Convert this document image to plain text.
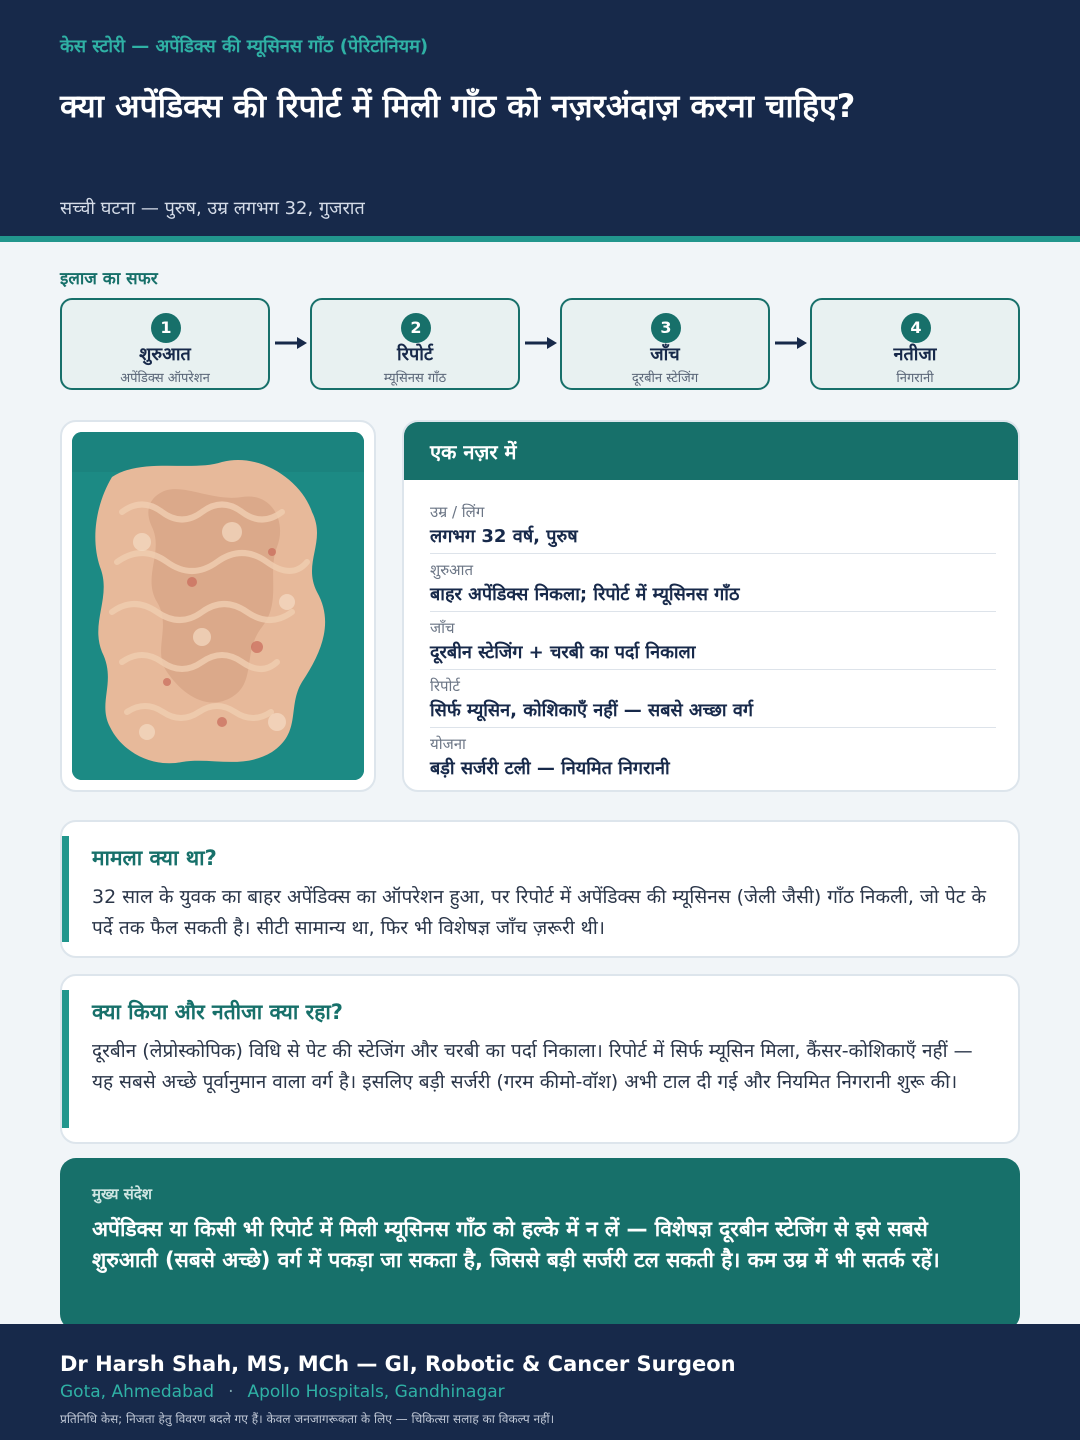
केस स्टोरी — अपेंडिक्स की म्यूसिनस गाँठ (पेरिटोनियम)
क्या अपेंडिक्स की रिपोर्ट में मिली गाँठ को नज़रअंदाज़ करना चाहिए?
सच्ची घटना — पुरुष, उम्र लगभग 32, गुजरात
इलाज का सफर
1
शुरुआत
अपेंडिक्स ऑपरेशन
2
रिपोर्ट
म्यूसिनस गाँठ
3
जाँच
दूरबीन स्टेजिंग
4
नतीजा
निगरानी
एक नज़र में
उम्र / लिंग
लगभग 32 वर्ष, पुरुष
शुरुआत
बाहर अपेंडिक्स निकला; रिपोर्ट में म्यूसिनस गाँठ
जाँच
दूरबीन स्टेजिंग + चरबी का पर्दा निकाला
रिपोर्ट
सिर्फ म्यूसिन, कोशिकाएँ नहीं — सबसे अच्छा वर्ग
योजना
बड़ी सर्जरी टली — नियमित निगरानी
मामला क्या था?
32 साल के युवक का बाहर अपेंडिक्स का ऑपरेशन हुआ, पर रिपोर्ट में अपेंडिक्स की म्यूसिनस (जेली जैसी) गाँठ निकली, जो पेट के पर्दे तक फैल सकती है। सीटी सामान्य था, फिर भी विशेषज्ञ जाँच ज़रूरी थी।
क्या किया और नतीजा क्या रहा?
दूरबीन (लेप्रोस्कोपिक) विधि से पेट की स्टेजिंग और चरबी का पर्दा निकाला। रिपोर्ट में सिर्फ म्यूसिन मिला, कैंसर-कोशिकाएँ नहीं — यह सबसे अच्छे पूर्वानुमान वाला वर्ग है। इसलिए बड़ी सर्जरी (गरम कीमो-वॉश) अभी टाल दी गई और नियमित निगरानी शुरू की।
मुख्य संदेश
अपेंडिक्स या किसी भी रिपोर्ट में मिली म्यूसिनस गाँठ को हल्के में न लें — विशेषज्ञ दूरबीन स्टेजिंग से इसे सबसे शुरुआती (सबसे अच्छे) वर्ग में पकड़ा जा सकता है, जिससे बड़ी सर्जरी टल सकती है। कम उम्र में भी सतर्क रहें।
Dr Harsh Shah, MS, MCh — GI, Robotic & Cancer Surgeon
Gota, Ahmedabad · Apollo Hospitals, Gandhinagar
प्रतिनिधि केस; निजता हेतु विवरण बदले गए हैं। केवल जनजागरूकता के लिए — चिकित्सा सलाह का विकल्प नहीं।
